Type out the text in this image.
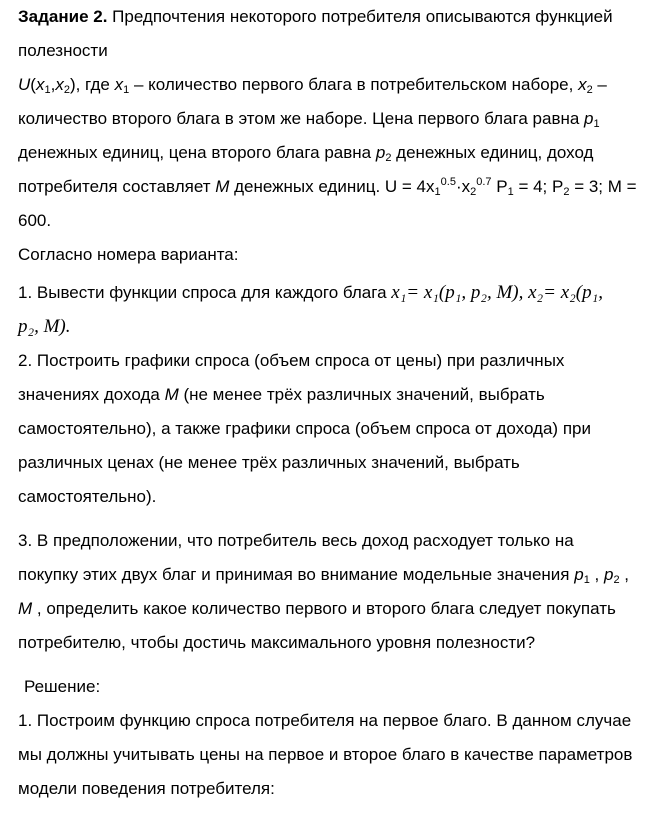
Задание 2. Предпочтения некоторого потребителя описываются функцией
полезности
$U(x_1,x_2)$, где $x_1$ – количество первого блага в потребительском наборе, $x_2$ –
количество второго блага в этом же наборе. Цена первого блага равна $p_1$
денежных единиц, цена второго блага равна $p_2$ денежных единиц, доход
потребителя составляет M денежных единиц. $U = 4x_1^{0.5}\cdot x_2^{0.7}$ $P_1 = 4$; $P_2 = 3$; M =
600.
Согласно номера варианта:
1. Вывести функции спроса для каждого блага x₁= x₁(p₁, p₂, M), x₂= x₂(p₁,
p₂, M).
2. Построить графики спроса (объем спроса от цены) при различных
значениях дохода M (не менее трёх различных значений, выбрать
самостоятельно), а также графики спроса (объем спроса от дохода) при
различных ценах (не менее трёх различных значений, выбрать
самостоятельно).
3. В предположении, что потребитель весь доход расходует только на
покупку этих двух благ и принимая во внимание модельные значения $p_1$ , $p_2$ ,
M , определить какое количество первого и второго блага следует покупать
потребителю, чтобы достичь максимального уровня полезности?
Решение:
1. Построим функцию спроса потребителя на первое благо. В данном случае
мы должны учитывать цены на первое и второе благо в качестве параметров
модели поведения потребителя:
